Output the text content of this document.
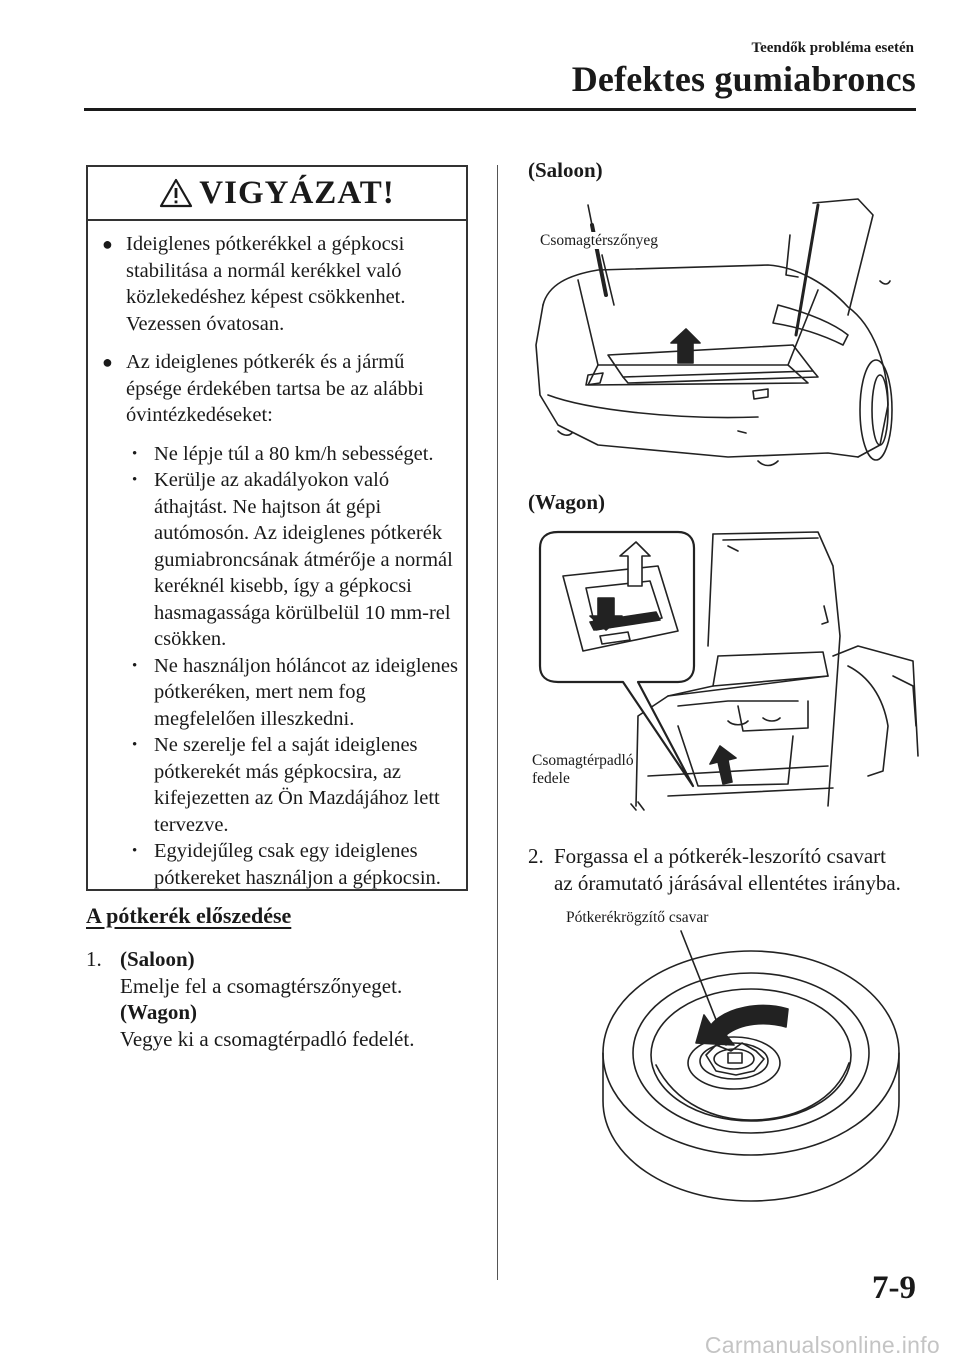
Teendők probléma esetén
Defektes gumiabroncs
VIGYÁZAT!
● Ideiglenes pótkerékkel a gépkocsi stabilitása a normál kerékkel való közlekedéshez képest csökkenhet. Vezessen óvatosan.
● Az ideiglenes pótkerék és a jármű épsége érdekében tartsa be az alábbi óvintézkedéseket:
• Ne lépje túl a 80 km/h sebességet.
• Kerülje az akadályokon való áthajtást. Ne hajtson át gépi autómosón. Az ideiglenes pótkerék gumiabroncsának átmérője a normál keréknél kisebb, így a gépkocsi hasmagassága körülbelül 10 mm-rel csökken.
• Ne használjon hóláncot az ideiglenes pótkeréken, mert nem fog megfelelően illeszkedni.
• Ne szerelje fel a saját ideiglenes pótkerekét más gépkocsira, az kifejezetten az Ön Mazdájához lett tervezve.
• Egyidejűleg csak egy ideiglenes pótkereket használjon a gépkocsin.
A pótkerék előszedése
1. (Saloon)
Emelje fel a csomagtérszőnyeget.
(Wagon)
Vegye ki a csomagtérpadló fedelét.
(Saloon)
Csomagtérszőnyeg
(Wagon)
Csomagtérpadló
fedele
2. Forgassa el a pótkerék-leszorító csavart
az óramutató járásával ellentétes irányba.
Pótkerékrögzítő csavar
7-9
Carmanualsonline.info
